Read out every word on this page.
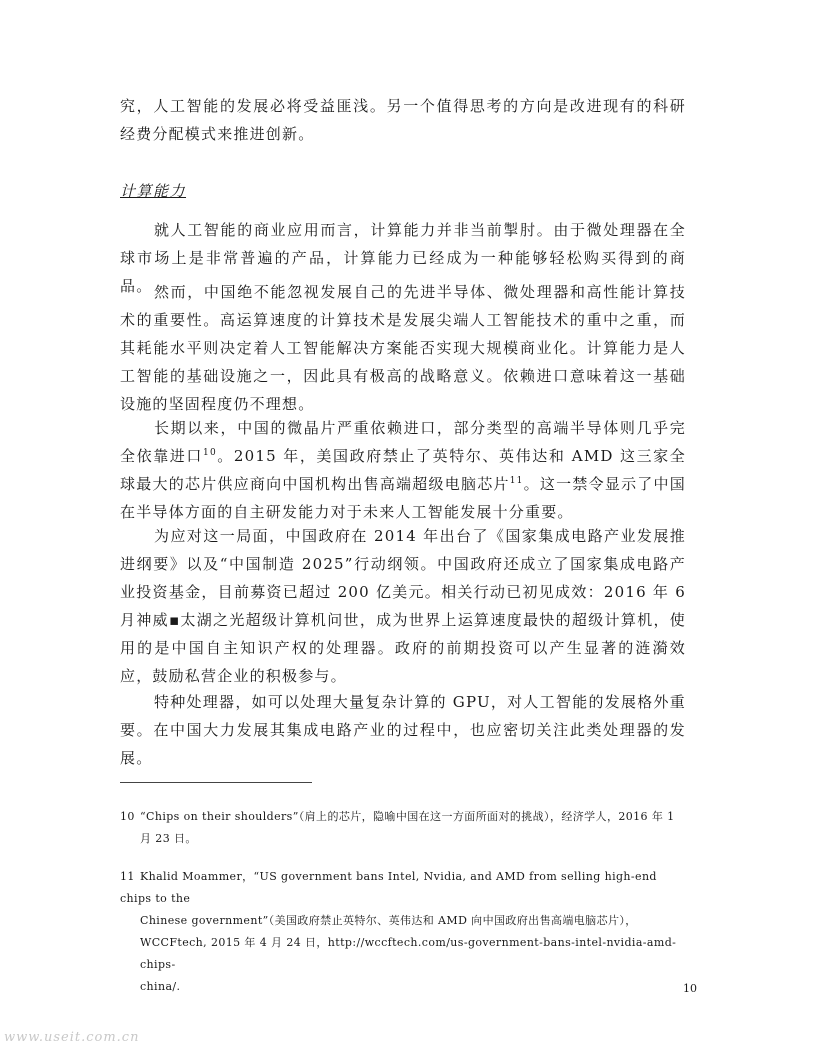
究，人工智能的发展必将受益匪浅。另一个值得思考的方向是改进现有的科研经费分配模式来推进创新。

计算能力

就人工智能的商业应用而言，计算能力并非当前掣肘。由于微处理器在全球市场上是非常普遍的产品，计算能力已经成为一种能够轻松购买得到的商品。 然而，中国绝不能忽视发展自己的先进半导体、微处理器和高性能计算技术的重要性。高运算速度的计算技术是发展尖端人工智能技术的重中之重，而其耗能水平则决定着人工智能解决方案能否实现大规模商业化。计算能力是人工智能的基础设施之一，因此具有极高的战略意义。依赖进口意味着这一基础设施的坚固程度仍不理想。

长期以来，中国的微晶片严重依赖进口，部分类型的高端半导体则几乎完全依靠进口$^{10}$。2015 年，美国政府禁止了英特尔、英伟达和 AMD 这三家全球最大的芯片供应商向中国机构出售高端超级电脑芯片$^{11}$。这一禁令显示了中国在半导体方面的自主研发能力对于未来人工智能发展十分重要。

为应对这一局面，中国政府在 2014 年出台了《国家集成电路产业发展推进纲要》以及“中国制造 2025”行动纲领。中国政府还成立了国家集成电路产业投资基金，目前募资已超过 200 亿美元。相关行动已初见成效：2016 年 6 月神威▪太湖之光超级计算机问世，成为世界上运算速度最快的超级计算机，使用的是中国自主知识产权的处理器。政府的前期投资可以产生显著的涟漪效应，鼓励私营企业的积极参与。

特种处理器，如可以处理大量复杂计算的 GPU，对人工智能的发展格外重要。在中国大力发展其集成电路产业的过程中，也应密切关注此类处理器的发展。

10 “Chips on their shoulders”（肩上的芯片，隐喻中国在这一方面所面对的挑战），经济学人，2016 年 1
月 23 日。
11 Khalid Moammer，“US government bans Intel, Nvidia, and AMD from selling high-end chips to the
Chinese government”（美国政府禁止英特尔、英伟达和 AMD 向中国政府出售高端电脑芯片），
WCCFtech, 2015 年 4 月 24 日，http://wccftech.com/us-government-bans-intel-nvidia-amd-chips-
china/.	10
www.useit.com.cn
